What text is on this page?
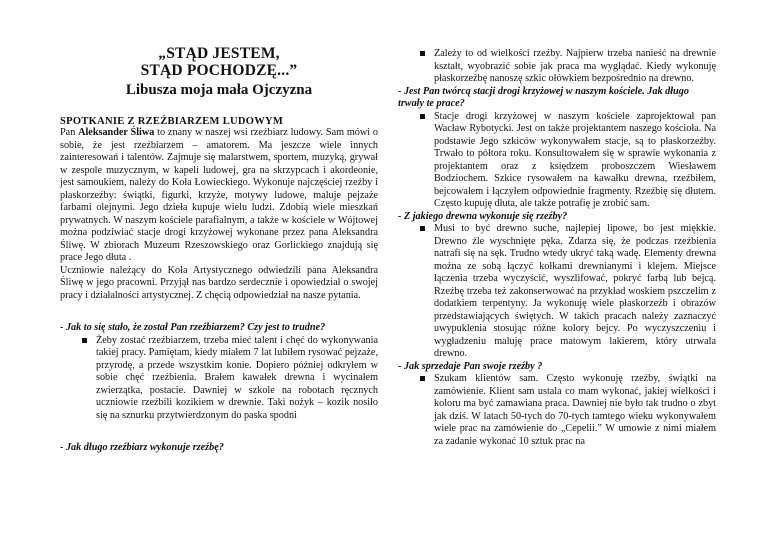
„STĄD JESTEM,

STĄD POCHODZĘ...”

Libusza moja mała Ojczyzna

SPOTKANIE Z RZEŹBIARZEM LUDOWYM

Pan Aleksander Śliwa to znany w naszej wsi rzeźbiarz ludowy. Sam mówi o sobie, że jest rzeźbiarzem – amatorem. Ma jeszcze wiele innych zainteresowań i talentów. Zajmuje się malarstwem, sportem, muzyką, grywał w zespole muzycznym, w kapeli ludowej, gra na skrzypcach i akordeonie, jest samoukiem, należy do Koła Łowieckiego. Wykonuje najczęściej rzeźby i płaskorzeźby: świątki, figurki, krzyże, motywy ludowe, maluje pejzaże farbami olejnymi. Jego dzieła kupuje wielu ludzi. Zdobią wiele mieszkań prywatnych. W naszym kościele parafialnym, a także w kościele w Wójtowej można podziwiać stacje drogi krzyżowej wykonane przez pana Aleksandra Śliwę. W zbiorach Muzeum Rzeszowskiego oraz Gorlickiego znajdują się prace Jego dłuta .

Uczniowie należący do Koła Artystycznego odwiedzili pana Aleksandra Śliwę w jego pracowni. Przyjął nas bardzo serdecznie i opowiedział o swojej pracy i działalności artystycznej. Z chęcią odpowiedział na nasze pytania.

- Jak to się stało, że został Pan rzeźbiarzem? Czy jest to trudne?

Żeby zostać rzeźbiarzem, trzeba mieć talent i chęć do wykonywania takiej pracy. Pamiętam, kiedy miałem 7 lat lubiłem rysować pejzaże, przyrodę, a przede wszystkim konie. Dopiero później odkryłem w sobie chęć rzeźbienia. Brałem kawałek drewna i wycinałem zwierzątka, postacie. Dawniej w szkole na robotach ręcznych uczniowie rzeźbili kozikiem w drewnie. Taki nożyk – kozik nosiło się na sznurku przytwierdzonym do paska spodni

- Jak długo rzeźbiarz wykonuje rzeźbę?

Zależy to od wielkości rzeźby. Najpierw trzeba nanieść na drewnie kształt, wyobrazić sobie jak praca ma wyglądać. Kiedy wykonuję płaskorzeźbę nanoszę szkic ołówkiem bezpośrednio na drewno.

- Jest Pan twórcą stacji drogi krzyżowej w naszym kościele. Jak długo trwały te prace?

Stacje drogi krzyżowej w naszym kościele zaprojektował pan Wacław Rybotycki. Jest on także projektantem naszego kościoła. Na podstawie Jego szkiców wykonywałem stacje, są to płaskorzeźby. Trwało to półtora roku. Konsultowałem się w sprawie wykonania z projektantem oraz z księdzem proboszczem Wiesławem Bodziochem. Szkice rysowałem na kawałku drewna, rzeźbiłem, bejcowałem i łączyłem odpowiednie fragmenty. Rzeźbię się dłutem. Często kupuję dłuta, ale także potrafię je zrobić sam.

- Z jakiego drewna wykonuje się rzeźby?

Musi to być drewno suche, najlepiej lipowe, bo jest miękkie. Drewno źle wyschnięte pęka. Zdarza się, że podczas rzeźbienia natrafi się na sęk. Trudno wtedy ukryć taką wadę. Elementy drewna można ze sobą łączyć kołkami drewnianymi i klejem. Miejsce łączenia trzeba wyczyścić, wyszlifować, pokryć farbą lub bejcą. Rzeźbę trzeba też zakonserwować na przykład woskiem pszczelim z dodatkiem terpentyny. Ja wykonuję wiele płaskorzeźb i obrazów przedstawiających świętych. W takich pracach należy zaznaczyć uwypuklenia stosując różne kolory bejcy. Po wyczyszczeniu i wygładzeniu maluję prace matowym lakierem, który utrwala drewno.

- Jak sprzedaje Pan swoje rzeźby ?

Szukam klientów sam. Często wykonuję rzeźby, świątki na zamówienie. Klient sam ustala co mam wykonać, jakiej wielkości i koloru ma być zamawiana praca. Dawniej nie było tak trudno o zbyt jak dziś. W latach 50-tych do 70-tych tamtego wieku wykonywałem wiele prac na zamówienie do „Cepelii.” W umowie z nimi miałem za zadanie wykonać 10 sztuk prac na
